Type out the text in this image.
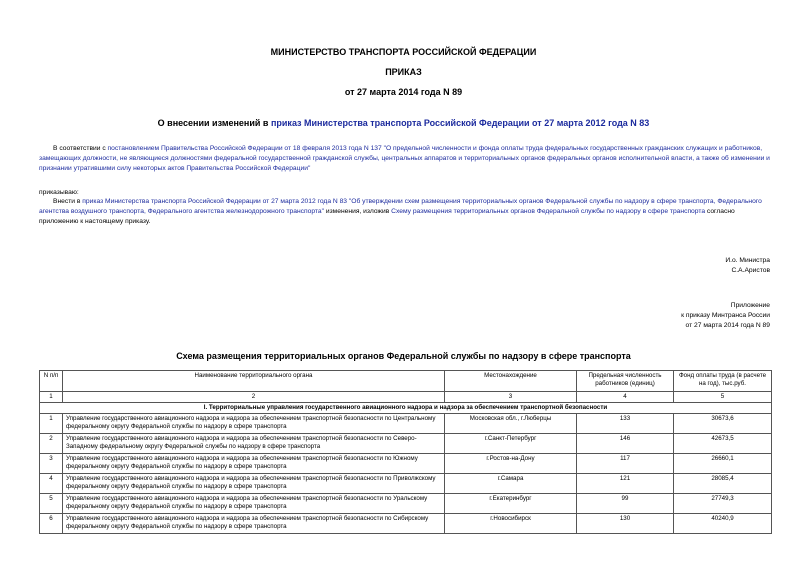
МИНИСТЕРСТВО ТРАНСПОРТА РОССИЙСКОЙ ФЕДЕРАЦИИ
ПРИКАЗ
от 27 марта 2014 года N 89
О внесении изменений в приказ Министерства транспорта Российской Федерации от 27 марта 2012 года N 83
В соответствии с постановлением Правительства Российской Федерации от 18 февраля 2013 года N 137 "О предельной численности и фонда оплаты труда федеральных государственных гражданских служащих и работников, замещающих должности, не являющиеся должностями федеральной государственной гражданской службы, центральных аппаратов и территориальных органов федеральных органов исполнительной власти, а также об изменении и признании утратившими силу некоторых актов Правительства Российской Федерации"
приказываю:
Внести в приказ Министерства транспорта Российской Федерации от 27 марта 2012 года N 83 "Об утверждении схем размещения территориальных органов Федеральной службы по надзору в сфере транспорта, Федерального агентства воздушного транспорта, Федерального агентства железнодорожного транспорта" изменения, изложив Схему размещения территориальных органов Федеральной службы по надзору в сфере транспорта согласно приложению к настоящему приказу.
И.о. Министра
С.А.Аристов
Приложение
к приказу Минтранса России
от 27 марта 2014 года N 89
Схема размещения территориальных органов Федеральной службы по надзору в сфере транспорта
N п/п	Наименование территориального органа	Местонахождение	Предельная численность работников (единиц)	Фонд оплаты труда (в расчете на год), тыс.руб.
1	2	3	4	5
I. Территориальные управления государственного авиационного надзора и надзора за обеспечением транспортной безопасности				
1	Управление государственного авиационного надзора и надзора за обеспечением транспортной безопасности по Центральному федеральному округу Федеральной службы по надзору в сфере транспорта	Московская обл., г.Люберцы	133	30673,6
2	Управление государственного авиационного надзора и надзора за обеспечением транспортной безопасности по Северо-Западному федеральному округу Федеральной службы по надзору в сфере транспорта	г.Санкт-Петербург	146	42673,5
3	Управление государственного авиационного надзора и надзора за обеспечением транспортной безопасности по Южному федеральному округу Федеральной службы по надзору в сфере транспорта	г.Ростов-на-Дону	117	26660,1
4	Управление государственного авиационного надзора и надзора за обеспечением транспортной безопасности по Приволжскому федеральному округу Федеральной службы по надзору в сфере транспорта	г.Самара	121	28085,4
5	Управление государственного авиационного надзора и надзора за обеспечением транспортной безопасности по Уральскому федеральному округу Федеральной службы по надзору в сфере транспорта	г.Екатеринбург	99	27749,3
6	Управление государственного авиационного надзора и надзора за обеспечением транспортной безопасности по Сибирскому федеральному округу Федеральной службы по надзору в сфере транспорта	г.Новосибирск	130	40240,9
